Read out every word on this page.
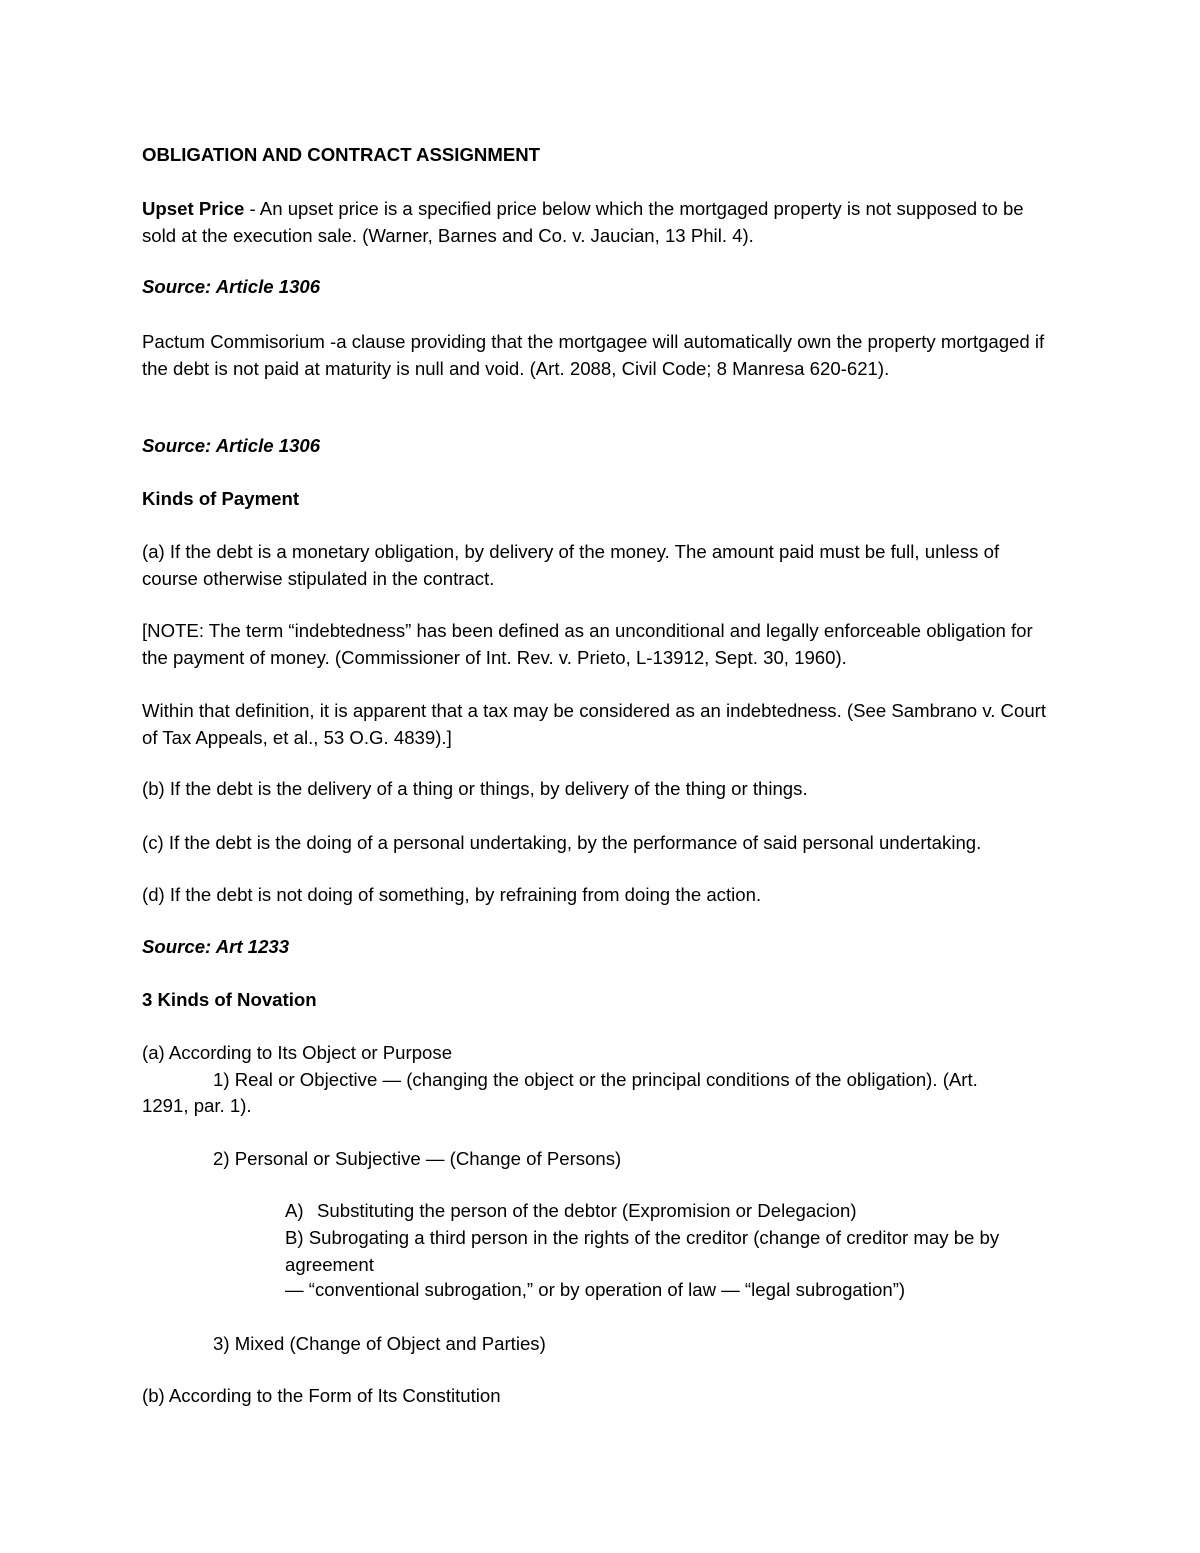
OBLIGATION AND CONTRACT ASSIGNMENT

Upset Price - An upset price is a specified price below which the mortgaged property is not supposed to be sold at the execution sale. (Warner, Barnes and Co. v. Jaucian, 13 Phil. 4).

Source: Article 1306

Pactum Commisorium -a clause providing that the mortgagee will automatically own the property mortgaged if the debt is not paid at maturity is null and void. (Art. 2088, Civil Code; 8 Manresa 620-621).

Source: Article 1306

Kinds of Payment

(a) If the debt is a monetary obligation, by delivery of the money. The amount paid must be full, unless of course otherwise stipulated in the contract.

[NOTE: The term “indebtedness” has been defined as an unconditional and legally enforceable obligation for the payment of money. (Commissioner of Int. Rev. v. Prieto, L-13912, Sept. 30, 1960).

Within that definition, it is apparent that a tax may be considered as an indebtedness. (See Sambrano v. Court of Tax Appeals, et al., 53 O.G. 4839).]

(b) If the debt is the delivery of a thing or things, by delivery of the thing or things.

(c) If the debt is the doing of a personal undertaking, by the performance of said personal undertaking.

(d) If the debt is not doing of something, by refraining from doing the action.

Source: Art 1233

3 Kinds of Novation

(a) According to Its Object or Purpose

1) Real or Objective — (changing the object or the principal conditions of the obligation). (Art.

1291, par. 1).

2) Personal or Subjective — (Change of Persons)

A) Substituting the person of the debtor (Expromision or Delegacion)

B) Subrogating a third person in the rights of the creditor (change of creditor may be by agreement

— “conventional subrogation,” or by operation of law — “legal subrogation”)

3) Mixed (Change of Object and Parties)

(b) According to the Form of Its Constitution
